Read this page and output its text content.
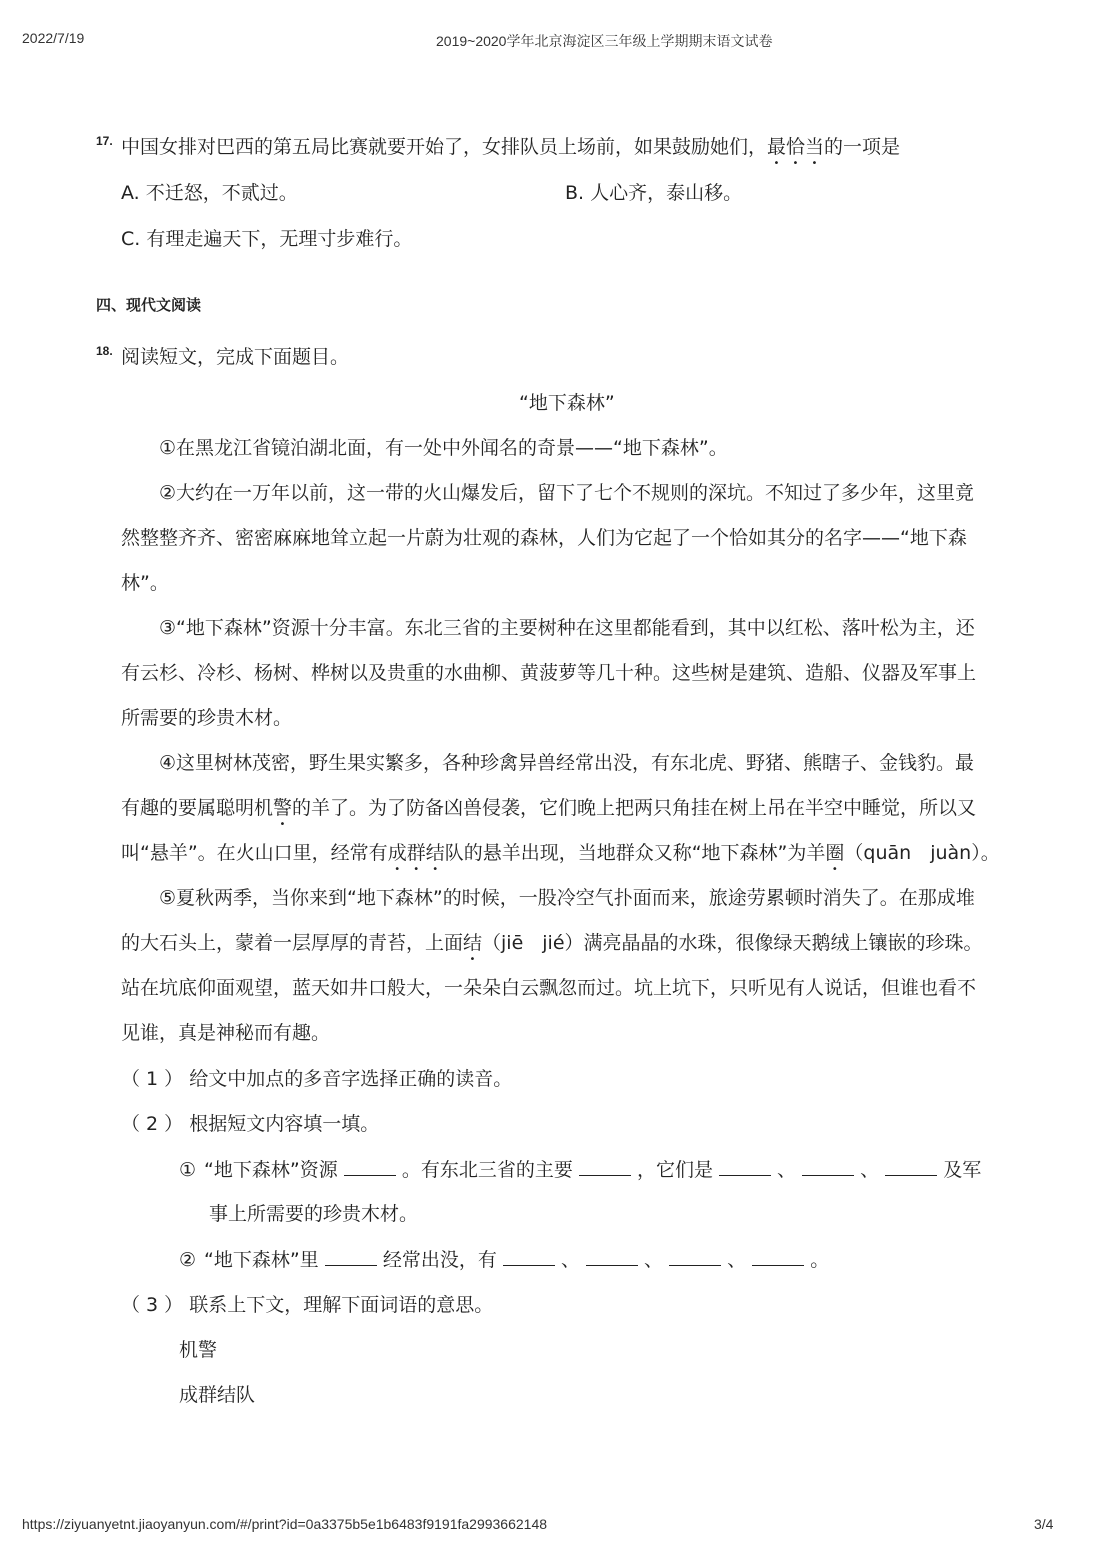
2022/7/19	2019~2020学年北京海淀区三年级上学期期末语文试卷
17. 中国女排对巴西的第五局比赛就要开始了，女排队员上场前，如果鼓励她们，最恰当的一项是
A. 不迁怒，不贰过。	B. 人心齐，泰山移。
C. 有理走遍天下，无理寸步难行。
四、现代文阅读
18. 阅读短文，完成下面题目。
“地下森林”
①在黑龙江省镜泊湖北面，有一处中外闻名的奇景——“地下森林”。
②大约在一万年以前，这一带的火山爆发后，留下了七个不规则的深坑。不知过了多少年，这里竟
然整整齐齐、密密麻麻地耸立起一片蔚为壮观的森林，人们为它起了一个恰如其分的名字——“地下森
林”。
③“地下森林”资源十分丰富。东北三省的主要树种在这里都能看到，其中以红松、落叶松为主，还
有云杉、冷杉、杨树、桦树以及贵重的水曲柳、黄菠萝等几十种。这些树是建筑、造船、仪器及军事上
所需要的珍贵木材。
④这里树林茂密，野生果实繁多，各种珍禽异兽经常出没，有东北虎、野猪、熊瞎子、金钱豹。最
有趣的要属聪明机警的羊了。为了防备凶兽侵袭，它们晚上把两只角挂在树上吊在半空中睡觉，所以又
叫“悬羊”。在火山口里，经常有成群结队的悬羊出现，当地群众又称“地下森林”为羊圈（quān　juàn）。
⑤夏秋两季，当你来到“地下森林”的时候，一股冷空气扑面而来，旅途劳累顿时消失了。在那成堆
的大石头上，蒙着一层厚厚的青苔，上面结（jiē　jié）满亮晶晶的水珠，很像绿天鹅绒上镶嵌的珍珠。
站在坑底仰面观望，蓝天如井口般大，一朵朵白云飘忽而过。坑上坑下，只听见有人说话，但谁也看不
见谁，真是神秘而有趣。
（ 1 ） 给文中加点的多音字选择正确的读音。
（ 2 ） 根据短文内容填一填。
① “地下森林”资源	。有东北三省的主要	，它们是	、	、	及军
事上所需要的珍贵木材。
② “地下森林”里	经常出没，有	、	、	、	。
（ 3 ） 联系上下文，理解下面词语的意思。
机警
成群结队
https://ziyuanyetnt.jiaoyanyun.com/#/print?id=0a3375b5e1b6483f9191fa2993662148	3/4
